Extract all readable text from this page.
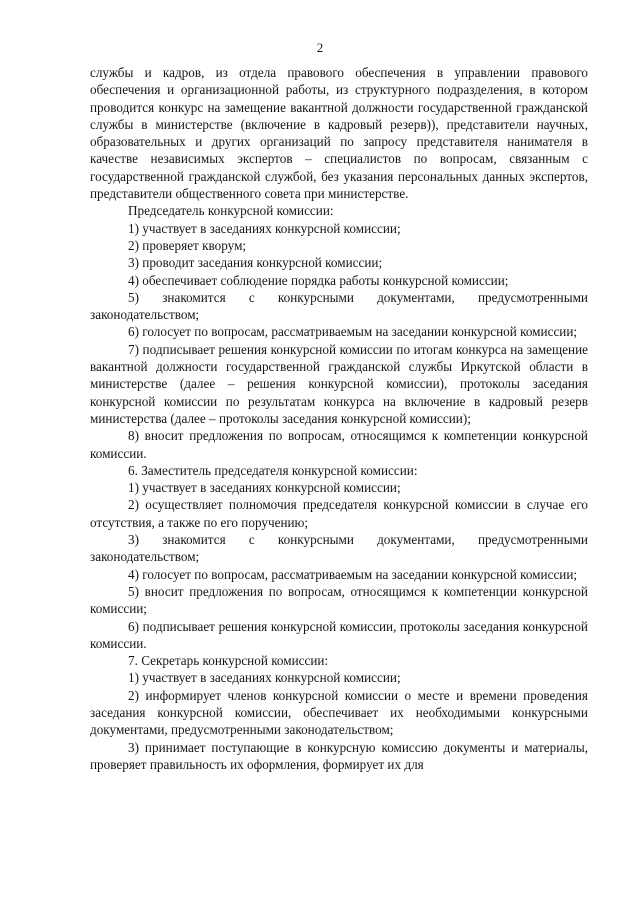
2

службы и кадров, из отдела правового обеспечения в управлении правового обеспечения и организационной работы, из структурного подразделения, в котором проводится конкурс на замещение вакантной должности государственной гражданской службы в министерстве (включение в кадровый резерв)), представители научных, образовательных и других организаций по запросу представителя нанимателя в качестве независимых экспертов – специалистов по вопросам, связанным с государственной гражданской службой, без указания персональных данных экспертов, представители общественного совета при министерстве.

Председатель конкурсной комиссии:

1) участвует в заседаниях конкурсной комиссии;

2) проверяет кворум;

3) проводит заседания конкурсной комиссии;

4) обеспечивает соблюдение порядка работы конкурсной комиссии;

5) знакомится с конкурсными документами, предусмотренными законодательством;

6) голосует по вопросам, рассматриваемым на заседании конкурсной комиссии;

7) подписывает решения конкурсной комиссии по итогам конкурса на замещение вакантной должности государственной гражданской службы Иркутской области в министерстве (далее – решения конкурсной комиссии), протоколы заседания конкурсной комиссии по результатам конкурса на включение в кадровый резерв министерства (далее – протоколы заседания конкурсной комиссии);

8) вносит предложения по вопросам, относящимся к компетенции конкурсной комиссии.

6. Заместитель председателя конкурсной комиссии:

1) участвует в заседаниях конкурсной комиссии;

2) осуществляет полномочия председателя конкурсной комиссии в случае его отсутствия, а также по его поручению;

3) знакомится с конкурсными документами, предусмотренными законодательством;

4) голосует по вопросам, рассматриваемым на заседании конкурсной комиссии;

5) вносит предложения по вопросам, относящимся к компетенции конкурсной комиссии;

6) подписывает решения конкурсной комиссии, протоколы заседания конкурсной комиссии.

7. Секретарь конкурсной комиссии:

1) участвует в заседаниях конкурсной комиссии;

2) информирует членов конкурсной комиссии о месте и времени проведения заседания конкурсной комиссии, обеспечивает их необходимыми конкурсными документами, предусмотренными законодательством;

3) принимает поступающие в конкурсную комиссию документы и материалы, проверяет правильность их оформления, формирует их для
